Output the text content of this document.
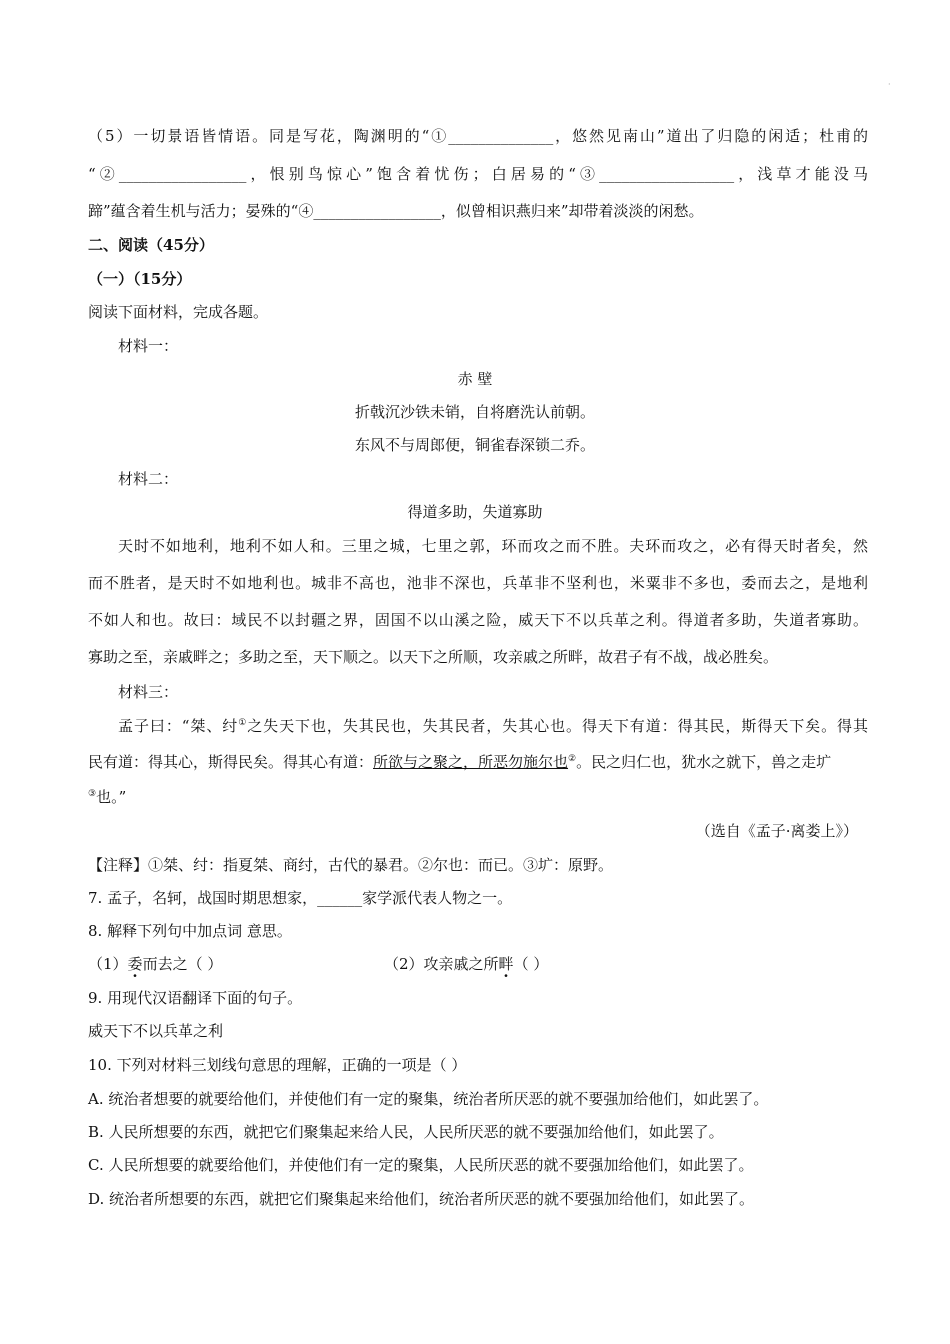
·
（5）一切景语皆情语。同是写花，陶渊明的“①______________，悠然见南山”道出了归隐的闲适；杜甫的
“②_________________，恨别鸟惊心”饱含着忧伤；白居易的“③__________________，浅草才能没马
蹄”蕴含着生机与活力；晏殊的“④_________________，似曾相识燕归来”却带着淡淡的闲愁。
二、阅读（45分）
（一）（15分）
阅读下面材料，完成各题。
材料一：
赤 壁
折戟沉沙铁未销，自将磨洗认前朝。
东风不与周郎便，铜雀春深锁二乔。
材料二：
得道多助，失道寡助
天时不如地利，地利不如人和。三里之城，七里之郭，环而攻之而不胜。夫环而攻之，必有得天时者矣，然
而不胜者，是天时不如地利也。城非不高也，池非不深也，兵革非不坚利也，米粟非不多也，委而去之，是地利
不如人和也。故曰：域民不以封疆之界，固国不以山溪之险，威天下不以兵革之利。得道者多助，失道者寡助。
寡助之至，亲戚畔之；多助之至，天下顺之。以天下之所顺，攻亲戚之所畔，故君子有不战，战必胜矣。
材料三：
孟子曰：“桀、纣①之失天下也，失其民也，失其民者，失其心也。得天下有道：得其民，斯得天下矣。得其
民有道：得其心，斯得民矣。得其心有道：所欲与之聚之，所恶勿施尔也②。民之归仁也，犹水之就下，兽之走圹
③也。”
（选自《孟子·离娄上》）
【注释】①桀、纣：指夏桀、商纣，古代的暴君。②尔也：而已。③圹：原野。
7. 孟子，名轲，战国时期思想家，______家学派代表人物之一。
8. 解释下列句中加点词 意思。
（1）委而去之（ ）	（2）攻亲戚之所畔（ ）
9. 用现代汉语翻译下面的句子。
威天下不以兵革之利
10. 下列对材料三划线句意思的理解，正确的一项是（ ）
A. 统治者想要的就要给他们，并使他们有一定的聚集，统治者所厌恶的就不要强加给他们，如此罢了。
B. 人民所想要的东西，就把它们聚集起来给人民，人民所厌恶的就不要强加给他们，如此罢了。
C. 人民所想要的就要给他们，并使他们有一定的聚集，人民所厌恶的就不要强加给他们，如此罢了。
D. 统治者所想要的东西，就把它们聚集起来给他们，统治者所厌恶的就不要强加给他们，如此罢了。
